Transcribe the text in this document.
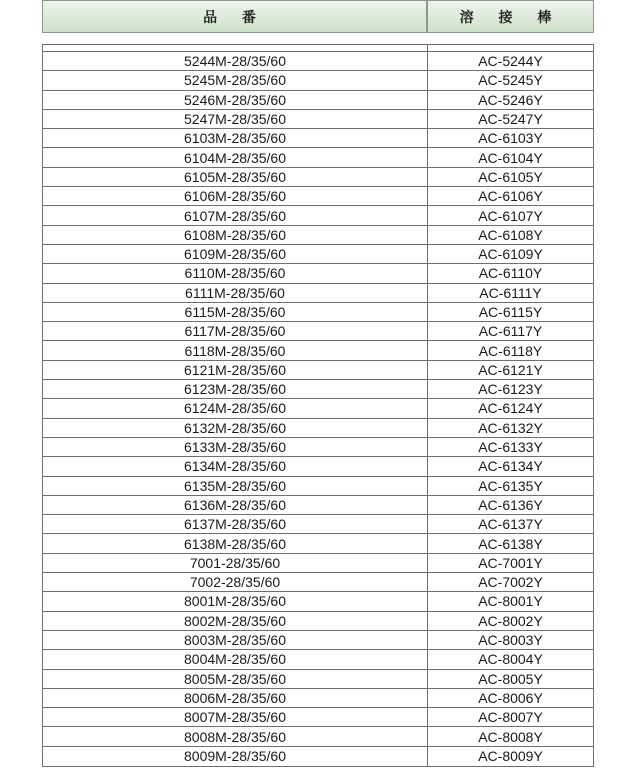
品 番	溶 接 棒
5244M-28/35/60	AC-5244Y
5245M-28/35/60	AC-5245Y
5246M-28/35/60	AC-5246Y
5247M-28/35/60	AC-5247Y
6103M-28/35/60	AC-6103Y
6104M-28/35/60	AC-6104Y
6105M-28/35/60	AC-6105Y
6106M-28/35/60	AC-6106Y
6107M-28/35/60	AC-6107Y
6108M-28/35/60	AC-6108Y
6109M-28/35/60	AC-6109Y
6110M-28/35/60	AC-6110Y
6111M-28/35/60	AC-6111Y
6115M-28/35/60	AC-6115Y
6117M-28/35/60	AC-6117Y
6118M-28/35/60	AC-6118Y
6121M-28/35/60	AC-6121Y
6123M-28/35/60	AC-6123Y
6124M-28/35/60	AC-6124Y
6132M-28/35/60	AC-6132Y
6133M-28/35/60	AC-6133Y
6134M-28/35/60	AC-6134Y
6135M-28/35/60	AC-6135Y
6136M-28/35/60	AC-6136Y
6137M-28/35/60	AC-6137Y
6138M-28/35/60	AC-6138Y
7001-28/35/60	AC-7001Y
7002-28/35/60	AC-7002Y
8001M-28/35/60	AC-8001Y
8002M-28/35/60	AC-8002Y
8003M-28/35/60	AC-8003Y
8004M-28/35/60	AC-8004Y
8005M-28/35/60	AC-8005Y
8006M-28/35/60	AC-8006Y
8007M-28/35/60	AC-8007Y
8008M-28/35/60	AC-8008Y
8009M-28/35/60	AC-8009Y
